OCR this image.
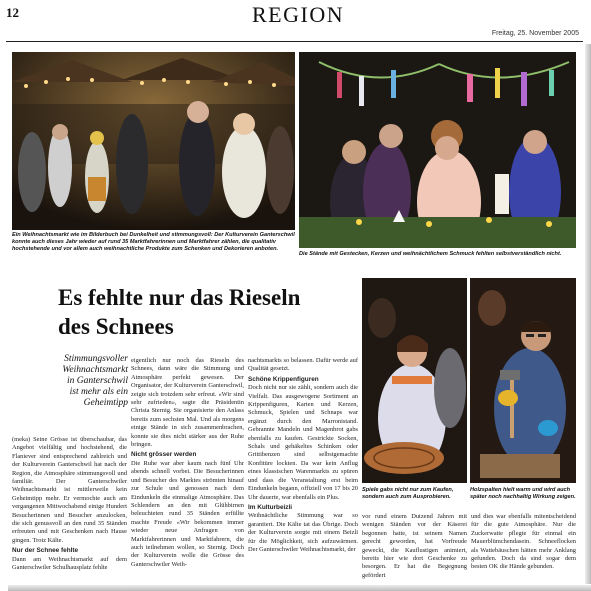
12	REGION
Freitag, 25. November 2005
Ein Weihnachtsmarkt wie im Bilderbuch bei Dunkelheit und stimmungsvoll: Der Kulturverein Ganterschwil konnte auch dieses Jahr wieder auf rund 35 Marktfahrerinnen und Marktfahrer zählen, die qualitativ hochstehende und vor allem auch weihnachtliche Produkte zum Schenken und Dekorieren anboten.
Die Stände mit Gestecken, Kerzen und weihnächtlichem Schmuck fehlten selbstverständlich nicht.
Es fehlte nur das Rieseln
des Schnees
Stimmungsvoller Weihnachtsmarkt in Ganterschwil ist mehr als ein Geheimtipp
(meka) Seine Grösse ist überschaubar, das Angebot vielfältig und hochstehend, die Flaniever sind entsprechend zahlreich und der Kulturverein Ganterschwil hat nach der Region, die Atmosphäre stimmungsvoll und familiär. Der Ganterschwiler Weihnachtsmarkt ist mittlerweile kein Geheimtipp mehr. Er vermochte auch am vergangenen Mittwochabend einige Hundert Besucherinnen und Besucher anzulocken, die sich genussvoll an den rund 35 Ständen erfreuten und mit Geschenken nach Hause gingen. Trotz Kälte.
Nur der Schnee fehlte
Dann am Weihnachtsmarkt auf dem Ganterschwiler Schulhausplatz fehlte
eigentlich nur noch das Rieseln des Schnees, dann wäre die Stimmung und Atmosphäre perfekt gewesen. Der Organisator, der Kulturverein Ganterschwil, zeigte sich trotzdem sehr erfreut. «Wir sind sehr zufrieden», sagte die Präsidentin Christa Sternig. Sie organisierte den Anlass bereits zum sechsten Mal. Und als morgens einige Stände in sich zusammenbrachen, konnte sie dies nicht stärker aus der Ruhe bringen.
Nicht grösser werden
Die Ruhe war aber kaum nach fünf Uhr abends schnell vorbei. Die Besucherinnen und Besucher des Marktes strömten hinauf zur Schule und genossen nach dem Eindunkeln die einmalige Atmosphäre. Das Schlendern an den mit Glühbirnen beleuchteten rund 35 Ständen erfüllte machte Freude «Wir bekommen immer wieder neue Anfragen von Marktfahrerinnen und Marktfahrern, die auch teilnehmen wollen, so Sternig. Doch der Kulturverein wolle die Grösse des Ganterschwiler Weih-
nachtsmarkts so belassen. Dafür werde auf Qualität gesetzt.
Schöne Krippenfiguren
Doch nicht nur sie zählt, sondern auch die Vielfalt. Das ausgewogene Sortiment an Krippenfiguren, Karten und Kerzen, Schmuck, Spielen und Schnaps war ergänzt durch den Marronistand. Gebrannte Mandeln und Magenbrot gabs ebenfalls zu kaufen. Gestrickte Socken, Schals und gehäkeltes Schinken oder Grittibenzen sind selbstgemachte Konfitüre lockten. Da war kein Anflug eines klassischen Warenmarkts zu spüren und dass die Veranstaltung erst beim Eindunkeln begann, offiziell von 17 bis 20 Uhr dauerte, war ebenfalls ein Plus.
Im Kulturbeizli
Weihnächtliche Stimmung war so garantiert. Die Kälte tat das Übrige. Doch der Kulturverein sorgte mit einem Beizli für die Möglichkeit, sich aufzuwärmen. Der Ganterschwiler Weihnachtsmarkt, der
Spiele gabs nicht nur zum Kaufen, sondern auch zum Ausprobieren.
Holzspalten hielt warm und wird auch später noch nachhaltig Wirkung zeigen.
vor rund einem Dutzend Jahren mit wenigen Ständen vor der Käserei begonnen hatte, ist seinem Namen gerecht geworden, hat Vorfreude geweckt, die Kauflustigen animiert, bereits hier wie dort Geschenke zu besorgen. Er hat die Begegnung gefördert
und dies war ebenfalls mitentscheidend für die gute Atmosphäre. Nur die Zuckerwatte pflegte für einmal ein Mauerblümchendasein. Schneeflocken als Wattebäuschen hätten mehr Anklang gefunden. Doch da sind sogar dem besten OK die Hände gebunden.
